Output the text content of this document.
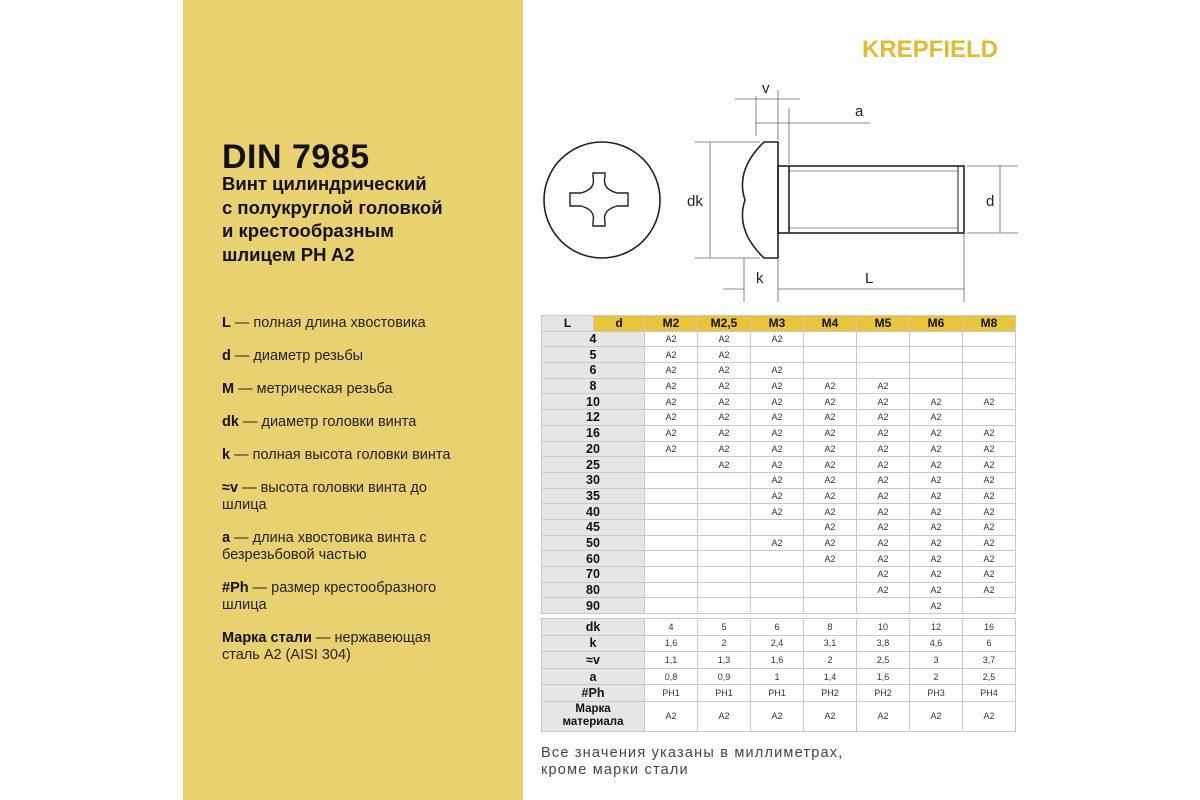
DIN 7985
Винт цилиндрический
с полукруглой головкой
и крестообразным
шлицем PH A2
L — полная длина хвостовика
d — диаметр резьбы
M — метрическая резьба
dk — диаметр головки винта
k — полная высота головки винта
≈v — высота головки винта до шлица
a — длина хвостовика винта с безрезьбовой частью
#Ph — размер крестообразного шлица
Марка стали — нержавеющая сталь A2 (AISI 304)
KREPFIELD
v
a
dk	d
k	L
L	d	M2	M2,5	M3	M4	M5	M6	M8
4		A2	A2	A2				
5		A2	A2					
6		A2	A2	A2				
8		A2	A2	A2	A2	A2		
10		A2	A2	A2	A2	A2	A2	A2
12		A2	A2	A2	A2	A2	A2	
16		A2	A2	A2	A2	A2	A2	A2
20		A2	A2	A2	A2	A2	A2	A2
25			A2	A2	A2	A2	A2	A2
30				A2	A2	A2	A2	A2
35				A2	A2	A2	A2	A2
40				A2	A2	A2	A2	A2
45					A2	A2	A2	A2
50				A2	A2	A2	A2	A2
60					A2	A2	A2	A2
70						A2	A2	A2
80						A2	A2	A2
90							A2	
dk	4	5	6	8	10	12	16
k	1,6	2	2,4	3,1	3,8	4,6	6
≈v	1,1	1,3	1,6	2	2,5	3	3,7
a	0,8	0,9	1	1,4	1,6	2	2,5
#Ph	PH1	PH1	PH1	PH2	PH2	PH3	PH4
Марка материала	A2	A2	A2	A2	A2	A2	A2
Все значения указаны в миллиметрах,
кроме марки стали
